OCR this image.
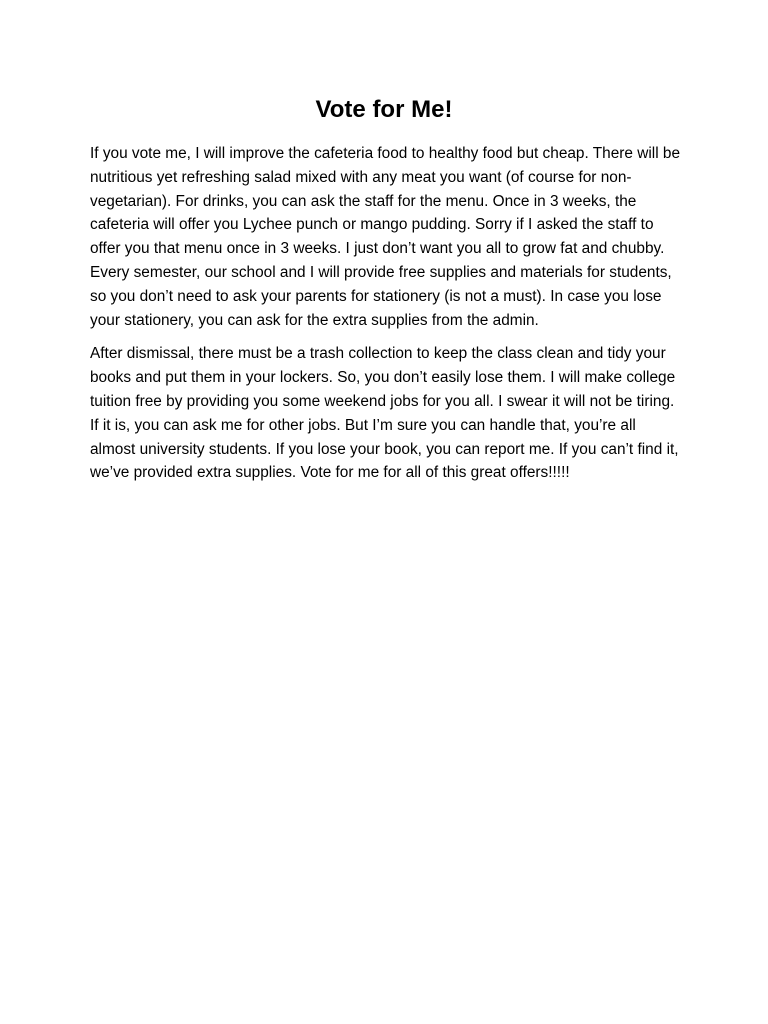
Vote for Me!

If you vote me, I will improve the cafeteria food to healthy food but cheap. There will be nutritious yet refreshing salad mixed with any meat you want (of course for non-vegetarian). For drinks, you can ask the staff for the menu. Once in 3 weeks, the cafeteria will offer you Lychee punch or mango pudding. Sorry if I asked the staff to offer you that menu once in 3 weeks. I just don’t want you all to grow fat and chubby. Every semester, our school and I will provide free supplies and materials for students, so you don’t need to ask your parents for stationery (is not a must). In case you lose your stationery, you can ask for the extra supplies from the admin.

After dismissal, there must be a trash collection to keep the class clean and tidy your books and put them in your lockers. So, you don’t easily lose them. I will make college tuition free by providing you some weekend jobs for you all. I swear it will not be tiring. If it is, you can ask me for other jobs. But I’m sure you can handle that, you’re all almost university students. If you lose your book, you can report me. If you can’t find it, we’ve provided extra supplies. Vote for me for all of this great offers!!!!!
